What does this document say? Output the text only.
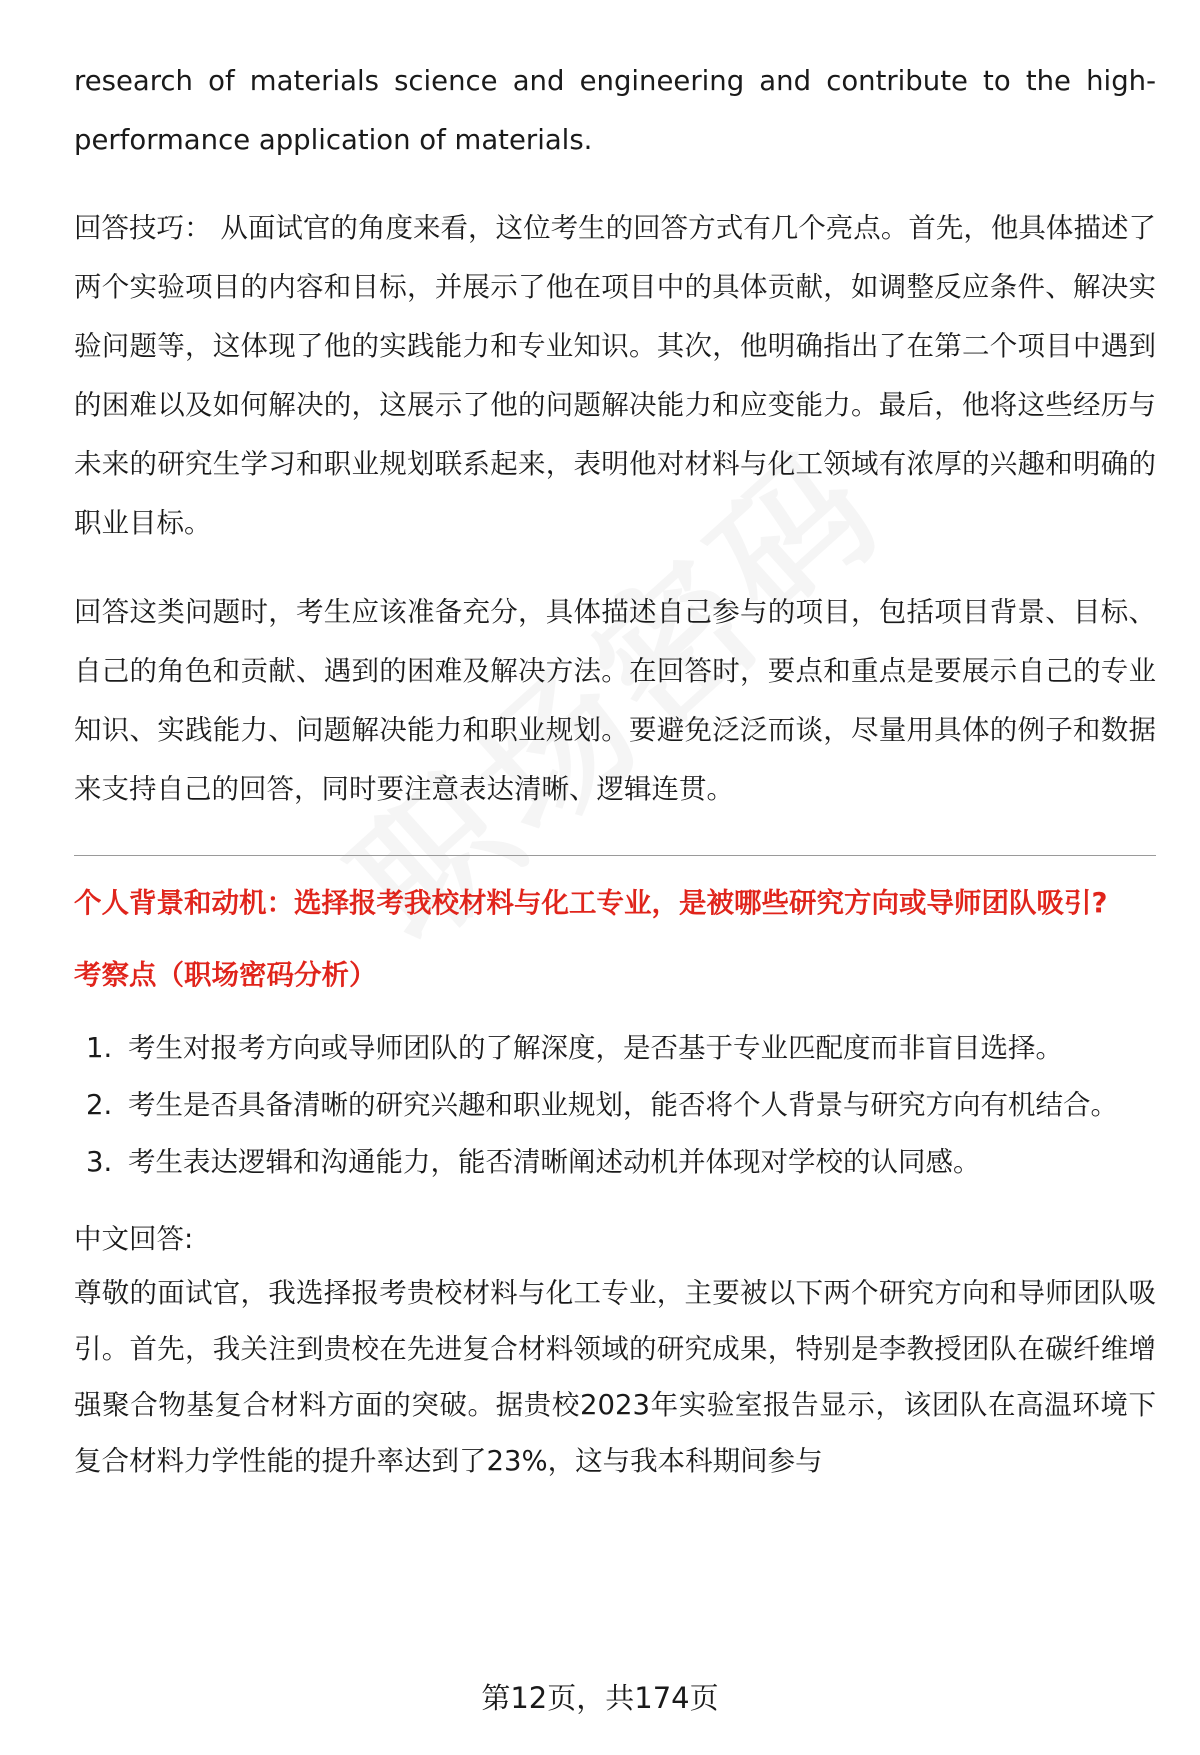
research of materials science and engineering and contribute to the high-performance application of materials.

回答技巧： 从面试官的角度来看，这位考生的回答方式有几个亮点。首先，他具体描述了两个实验项目的内容和目标，并展示了他在项目中的具体贡献，如调整反应条件、解决实验问题等，这体现了他的实践能力和专业知识。其次，他明确指出了在第二个项目中遇到的困难以及如何解决的，这展示了他的问题解决能力和应变能力。最后，他将这些经历与未来的研究生学习和职业规划联系起来，表明他对材料与化工领域有浓厚的兴趣和明确的职业目标。

回答这类问题时，考生应该准备充分，具体描述自己参与的项目，包括项目背景、目标、自己的角色和贡献、遇到的困难及解决方法。在回答时，要点和重点是要展示自己的专业知识、实践能力、问题解决能力和职业规划。要避免泛泛而谈，尽量用具体的例子和数据来支持自己的回答，同时要注意表达清晰、逻辑连贯。

个人背景和动机：选择报考我校材料与化工专业，是被哪些研究方向或导师团队吸引?

考察点（职场密码分析）

1. 考生对报考方向或导师团队的了解深度，是否基于专业匹配度而非盲目选择。
2. 考生是否具备清晰的研究兴趣和职业规划，能否将个人背景与研究方向有机结合。
3. 考生表达逻辑和沟通能力，能否清晰阐述动机并体现对学校的认同感。

中文回答:

尊敬的面试官，我选择报考贵校材料与化工专业，主要被以下两个研究方向和导师团队吸引。首先，我关注到贵校在先进复合材料领域的研究成果，特别是李教授团队在碳纤维增强聚合物基复合材料方面的突破。据贵校2023年实验室报告显示，该团队在高温环境下复合材料力学性能的提升率达到了23%，这与我本科期间参与

第12页，共174页
